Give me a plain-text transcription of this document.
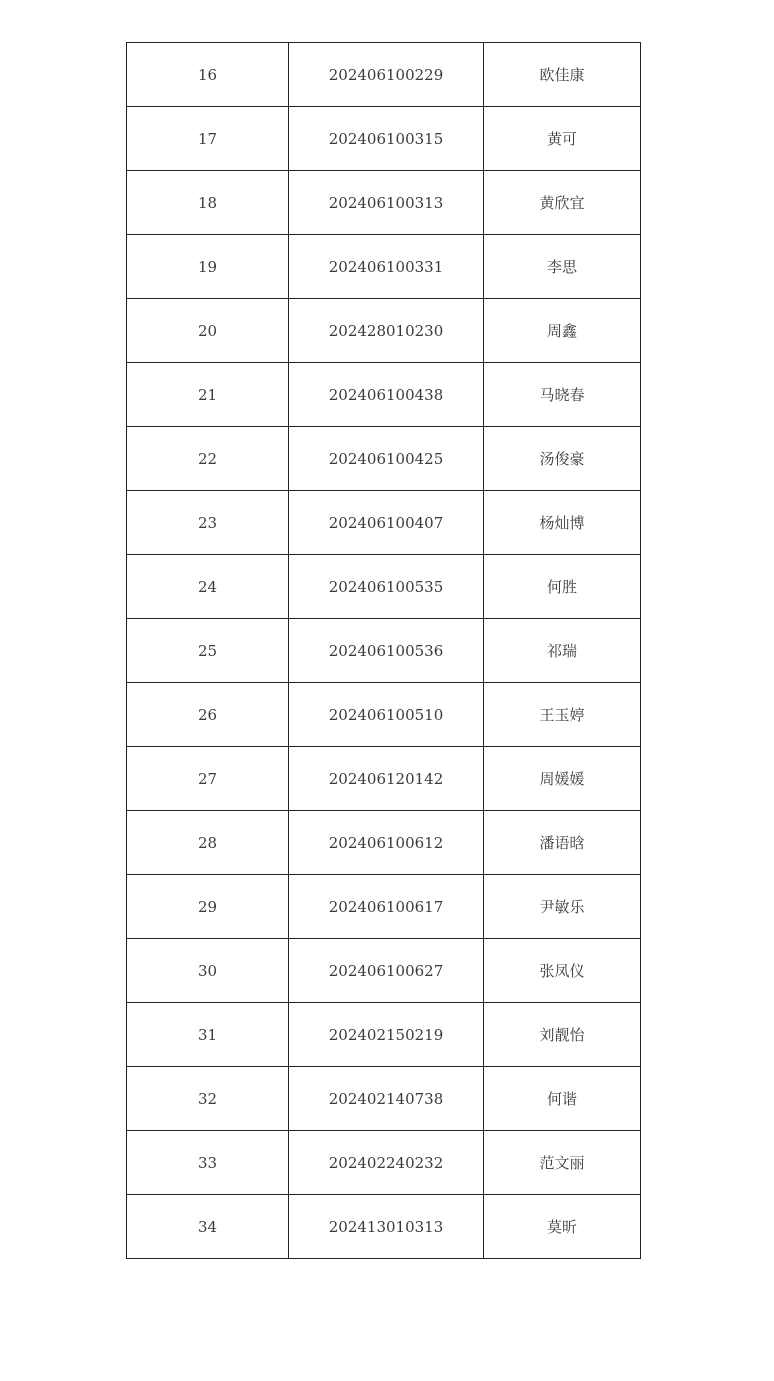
16	202406100229	欧佳康
17	202406100315	黄可
18	202406100313	黄欣宜
19	202406100331	李思
20	202428010230	周鑫
21	202406100438	马晓春
22	202406100425	汤俊豪
23	202406100407	杨灿博
24	202406100535	何胜
25	202406100536	祁瑞
26	202406100510	王玉婷
27	202406120142	周媛媛
28	202406100612	潘语晗
29	202406100617	尹敏乐
30	202406100627	张凤仪
31	202402150219	刘靓怡
32	202402140738	何谐
33	202402240232	范文丽
34	202413010313	莫昕
